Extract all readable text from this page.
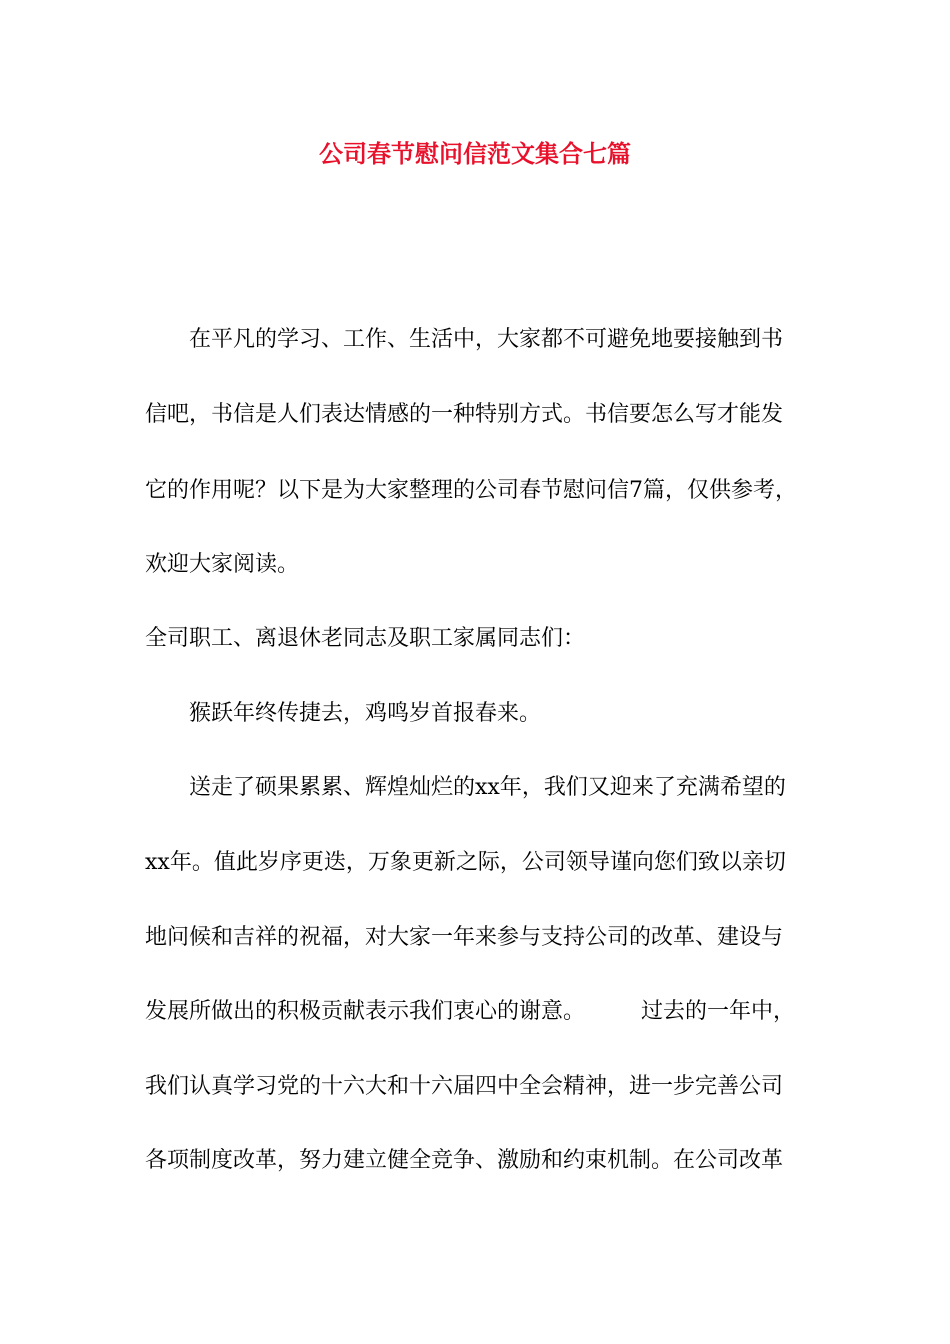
公司春节慰问信范文集合七篇
在平凡的学习、工作、生活中，大家都不可避免地要接触到书
信吧，书信是人们表达情感的一种特别方式。书信要怎么写才能发
它的作用呢？以下是为大家整理的公司春节慰问信7篇，仅供参考，
欢迎大家阅读。
全司职工、离退休老同志及职工家属同志们：
猴跃年终传捷去，鸡鸣岁首报春来。
送走了硕果累累、辉煌灿烂的xx年，我们又迎来了充满希望的
xx年。值此岁序更迭，万象更新之际，公司领导谨向您们致以亲切
地问候和吉祥的祝福，对大家一年来参与支持公司的改革、建设与
发展所做出的积极贡献表示我们衷心的谢意。        过去的一年中，
我们认真学习党的十六大和十六届四中全会精神，进一步完善公司
各项制度改革，努力建立健全竞争、激励和约束机制。在公司改革
